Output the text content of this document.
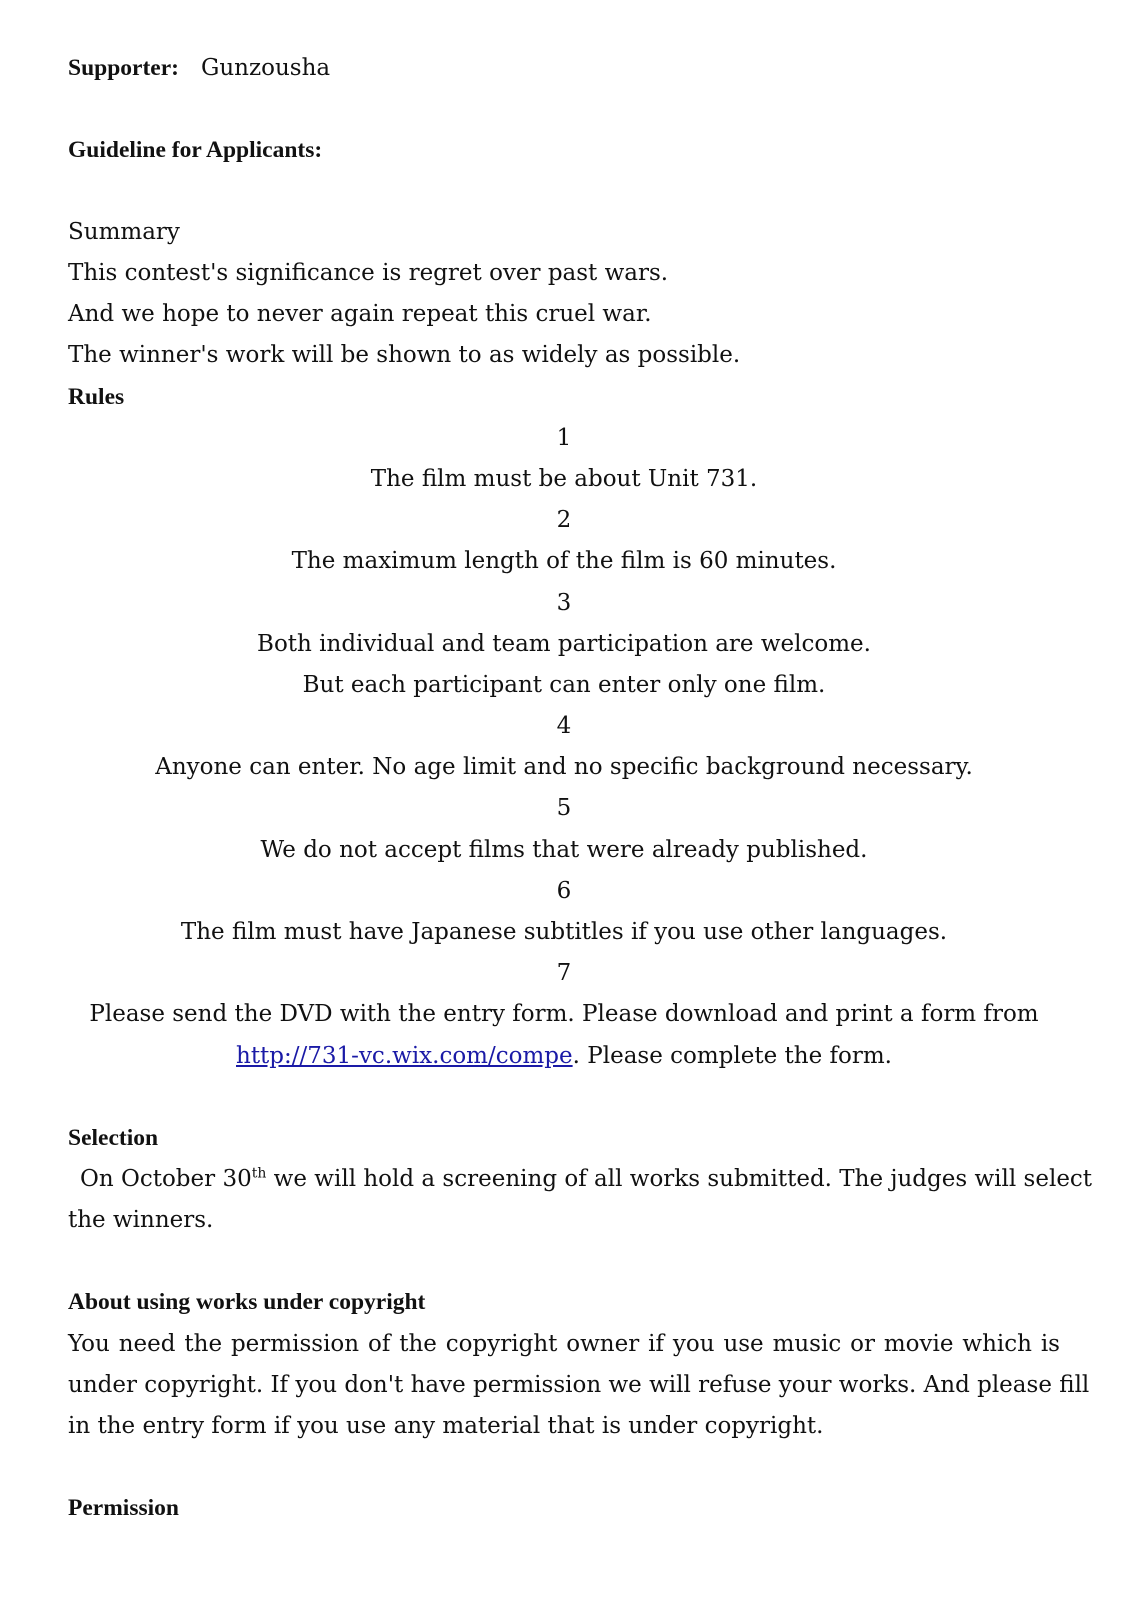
Supporter: Gunzousha
Guideline for Applicants:
Summary
This contest's significance is regret over past wars.
And we hope to never again repeat this cruel war.
The winner's work will be shown to as widely as possible.
Rules
1
The film must be about Unit 731.
2
The maximum length of the film is 60 minutes.
3
Both individual and team participation are welcome.
But each participant can enter only one film.
4
Anyone can enter. No age limit and no specific background necessary.
5
We do not accept films that were already published.
6
The film must have Japanese subtitles if you use other languages.
7
Please send the DVD with the entry form. Please download and print a form from
http://731-vc.wix.com/compe. Please complete the form.
Selection
On October 30th we will hold a screening of all works submitted. The judges will select
the winners.
About using works under copyright
You need the permission of the copyright owner if you use music or movie which is
under copyright. If you don't have permission we will refuse your works. And please fill
in the entry form if you use any material that is under copyright.
Permission
